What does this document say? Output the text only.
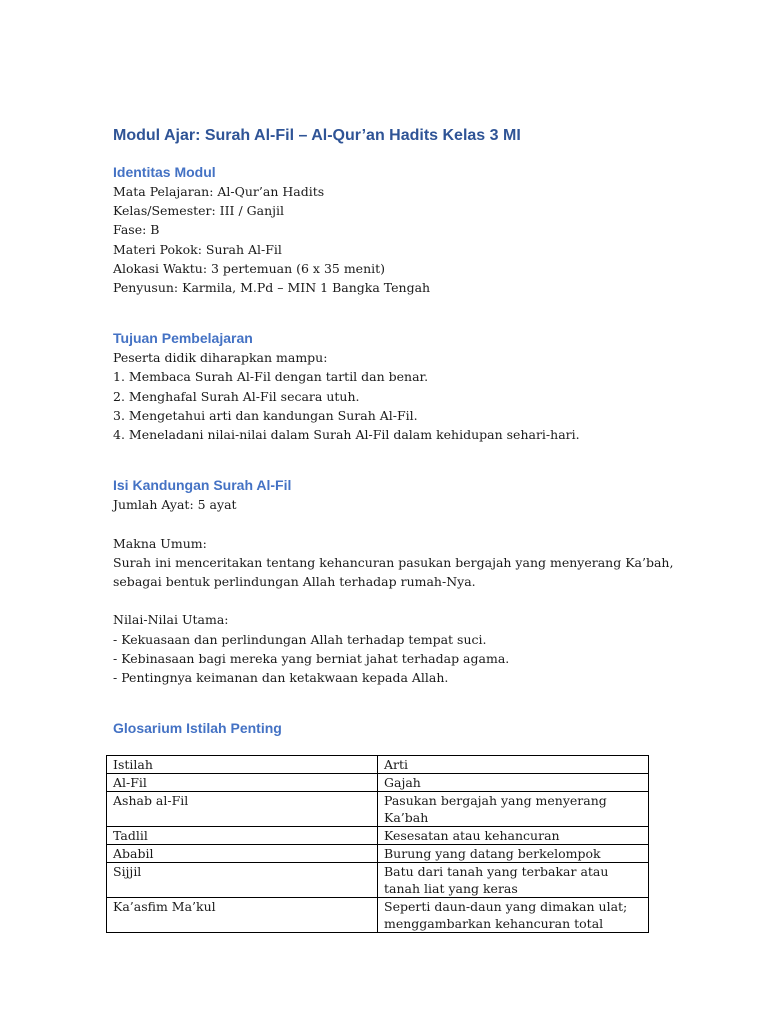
Modul Ajar: Surah Al-Fil – Al-Qur’an Hadits Kelas 3 MI
Identitas Modul

Mata Pelajaran: Al-Qur’an Hadits

Kelas/Semester: III / Ganjil

Fase: B

Materi Pokok: Surah Al-Fil

Alokasi Waktu: 3 pertemuan (6 x 35 menit)

Penyusun: Karmila, M.Pd – MIN 1 Bangka Tengah

Tujuan Pembelajaran

Peserta didik diharapkan mampu:

1. Membaca Surah Al-Fil dengan tartil dan benar.

2. Menghafal Surah Al-Fil secara utuh.

3. Mengetahui arti dan kandungan Surah Al-Fil.

4. Meneladani nilai-nilai dalam Surah Al-Fil dalam kehidupan sehari-hari.

Isi Kandungan Surah Al-Fil

Jumlah Ayat: 5 ayat

Makna Umum:

Surah ini menceritakan tentang kehancuran pasukan bergajah yang menyerang Ka’bah,

sebagai bentuk perlindungan Allah terhadap rumah-Nya.

Nilai-Nilai Utama:

- Kekuasaan dan perlindungan Allah terhadap tempat suci.

- Kebinasaan bagi mereka yang berniat jahat terhadap agama.

- Pentingnya keimanan dan ketakwaan kepada Allah.

Glosarium Istilah Penting
Istilah	Arti
Al-Fil	Gajah
Ashab al-Fil	Pasukan bergajah yang menyerang Ka’bah
Tadlil	Kesesatan atau kehancuran
Ababil	Burung yang datang berkelompok
Sijjil	Batu dari tanah yang terbakar atau tanah liat yang keras
Ka’asfim Ma’kul	Seperti daun-daun yang dimakan ulat; menggambarkan kehancuran total
